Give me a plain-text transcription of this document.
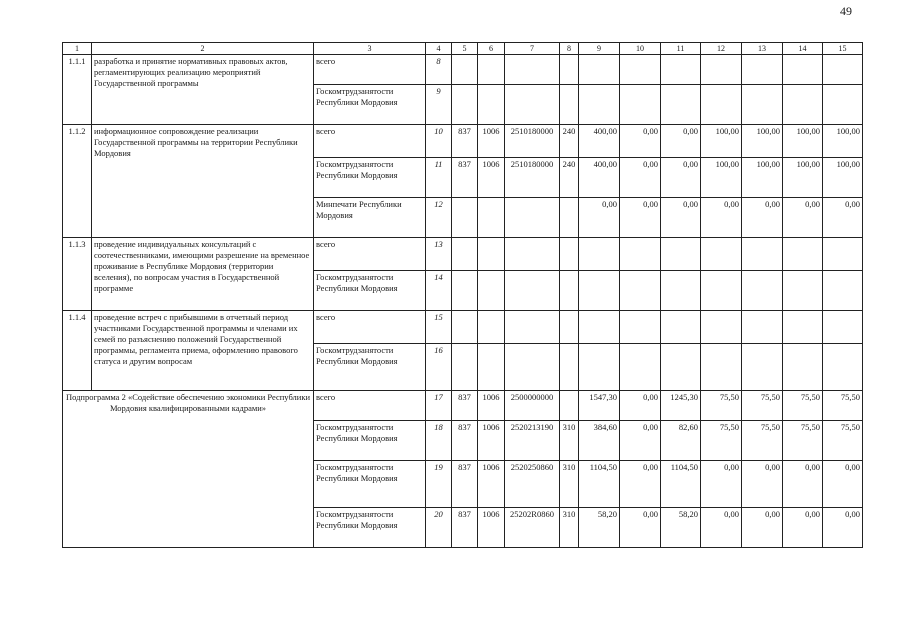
49
1	2	3	4	5	6	7	8	9	10	11	12	13	14	15
1.1.1	разработка и принятие нормативных правовых актов, регламентирующих реализацию мероприятий Государственной программы	всего	8											
		Госкомтрудзанятости Республики Мордовия	9											
1.1.2	информационное сопровождение реализации Государственной программы на территории Республики Мордовия	всего	10	837	1006	2510180000	240	400,00	0,00	0,00	100,00	100,00	100,00	100,00
		Госкомтрудзанятости Республики Мордовия	11	837	1006	2510180000	240	400,00	0,00	0,00	100,00	100,00	100,00	100,00
		Минпечати Республики Мордовия	12					0,00	0,00	0,00	0,00	0,00	0,00	0,00
1.1.3	проведение индивидуальных консультаций с соотечественниками, имеющими разрешение на временное проживание в Республике Мордовия (территории вселения), по вопросам участия в Государственной программе	всего	13											
		Госкомтрудзанятости Республики Мордовия	14											
1.1.4	проведение встреч с прибывшими в отчетный период участниками Государственной программы и членами их семей по разъяснению положений Государственной программы, регламента приема, оформлению правового статуса и другим вопросам	всего	15											
		Госкомтрудзанятости Республики Мордовия	16											
Подпрограмма 2 «Содействие обеспечению экономики Республики Мордовия квалифицированными кадрами»		всего	17	837	1006	2500000000		1547,30	0,00	1245,30	75,50	75,50	75,50	75,50
		Госкомтрудзанятости Республики Мордовия	18	837	1006	2520213190	310	384,60	0,00	82,60	75,50	75,50	75,50	75,50
		Госкомтрудзанятости Республики Мордовия	19	837	1006	2520250860	310	1104,50	0,00	1104,50	0,00	0,00	0,00	0,00
		Госкомтрудзанятости Республики Мордовия	20	837	1006	25202R0860	310	58,20	0,00	58,20	0,00	0,00	0,00	0,00
